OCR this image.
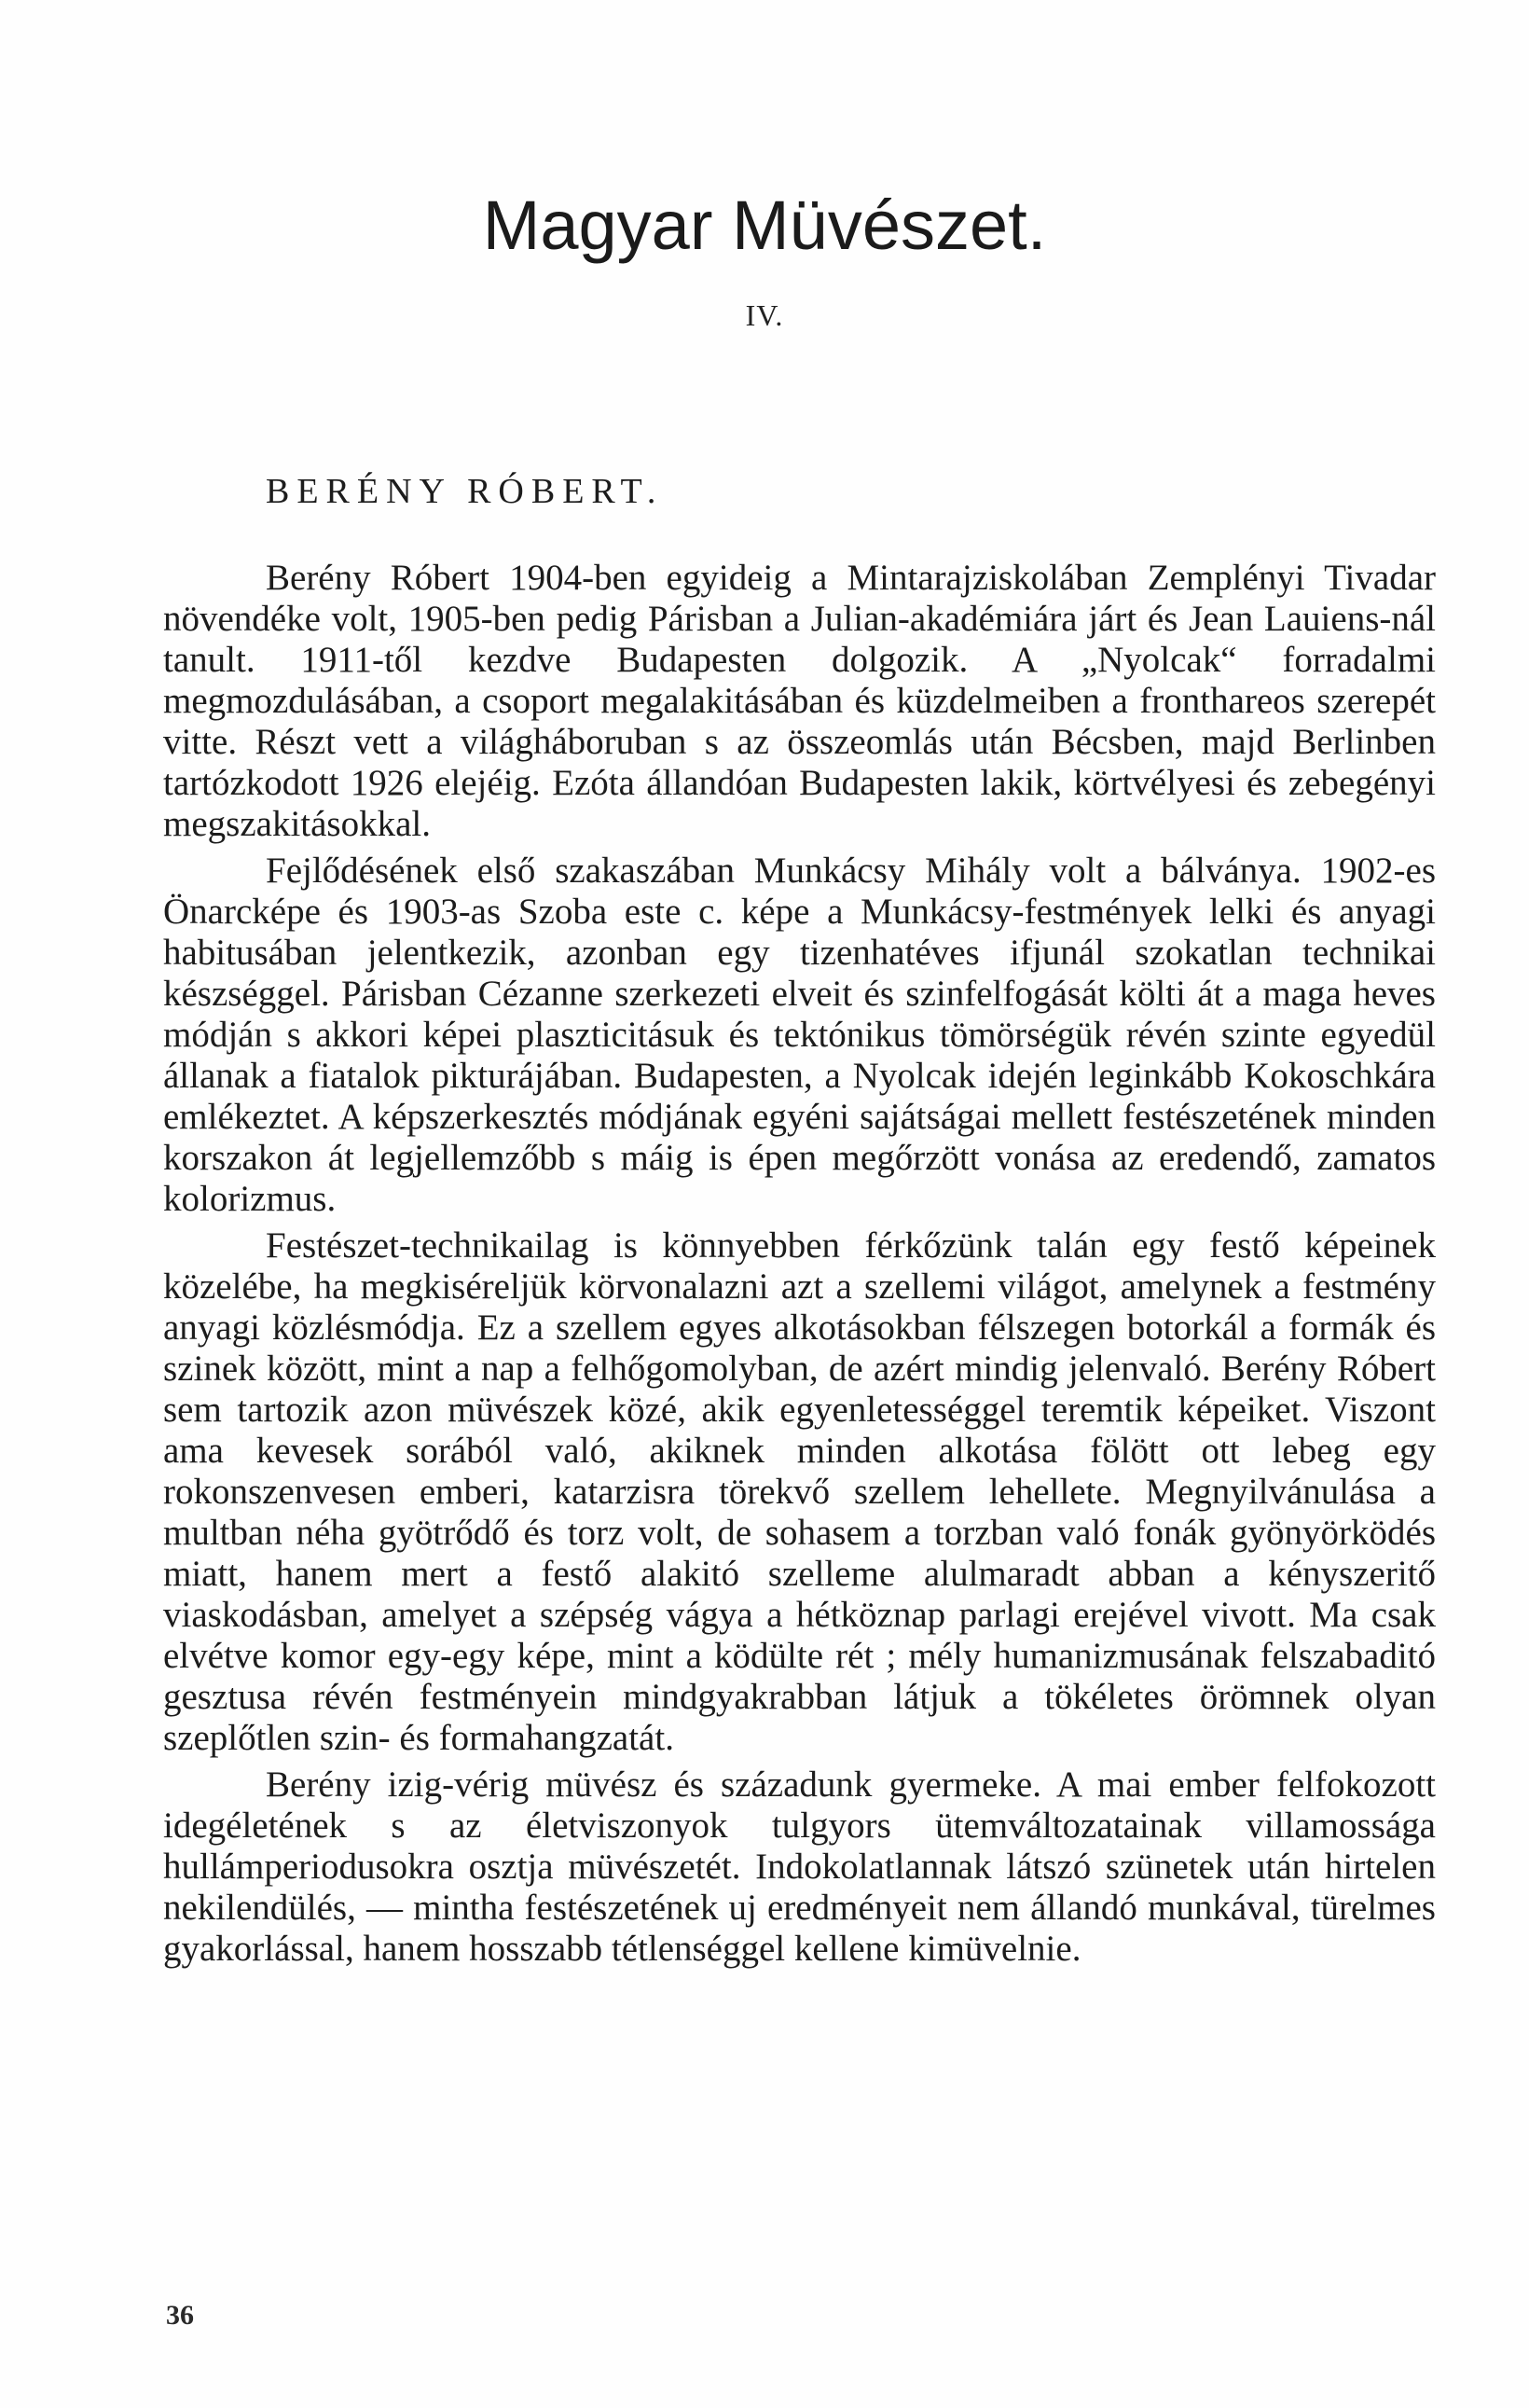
Magyar Müvészet.
IV.
BERÉNY RÓBERT.

Berény Róbert 1904-ben egyideig a Mintarajziskolában Zemplényi Tivadar növendéke volt, 1905-ben pedig Párisban a Julian-akadémiára járt és Jean Lauiens-nál tanult. 1911-től kezdve Budapesten dolgozik. A „Nyolcak“ forradalmi megmozdulásában, a csoport megalakitásában és küzdelmeiben a fronthareos szerepét vitte. Részt vett a világháboruban s az összeomlás után Bécsben, majd Berlinben tartózkodott 1926 elejéig. Ezóta állandóan Budapesten lakik, körtvélyesi és zebegényi megszakitásokkal.

Fejlődésének első szakaszában Munkácsy Mihály volt a bálványa. 1902-es Önarcképe és 1903-as Szoba este c. képe a Munkácsy-festmények lelki és anyagi habitusában jelentkezik, azonban egy tizenhatéves ifjunál szokatlan technikai készséggel. Párisban Cézanne szerkezeti elveit és szinfelfogását költi át a maga heves módján s akkori képei plaszticitásuk és tektónikus tömörségük révén szinte egyedül állanak a fiatalok pikturájában. Budapesten, a Nyolcak idején leginkább Kokoschkára emlékeztet. A képszerkesztés módjának egyéni sajátságai mellett festészetének minden korszakon át legjellemzőbb s máig is épen megőrzött vonása az eredendő, zamatos kolorizmus.

Festészet-technikailag is könnyebben férkőzünk talán egy festő képeinek közelébe, ha megkiséreljük körvonalazni azt a szellemi világot, amelynek a festmény anyagi közlésmódja. Ez a szellem egyes alkotásokban félszegen botorkál a formák és szinek között, mint a nap a felhőgomolyban, de azért mindig jelenvaló. Berény Róbert sem tartozik azon müvészek közé, akik egyenletességgel teremtik képeiket. Viszont ama kevesek sorából való, akiknek minden alkotása fölött ott lebeg egy rokonszenvesen emberi, katarzisra törekvő szellem lehellete. Megnyilvánulása a multban néha gyötrődő és torz volt, de sohasem a torzban való fonák gyönyörködés miatt, hanem mert a festő alakitó szelleme alulmaradt abban a kényszeritő viaskodásban, amelyet a szépség vágya a hétköznap parlagi erejével vivott. Ma csak elvétve komor egy-egy képe, mint a ködülte rét ; mély humanizmusának felszabaditó gesztusa révén festményein mindgyakrabban látjuk a tökéletes örömnek olyan szeplőtlen szin- és formahangzatát.

Berény izig-vérig müvész és századunk gyermeke. A mai ember felfokozott idegéletének s az életviszonyok tulgyors ütemváltozatainak villamossága hullámperiodusokra osztja müvészetét. Indokolatlannak látszó szünetek után hirtelen nekilendülés, — mintha festészetének uj eredményeit nem állandó munkával, türelmes gyakorlással, hanem hosszabb tétlenséggel kellene kimüvelnie.

36
